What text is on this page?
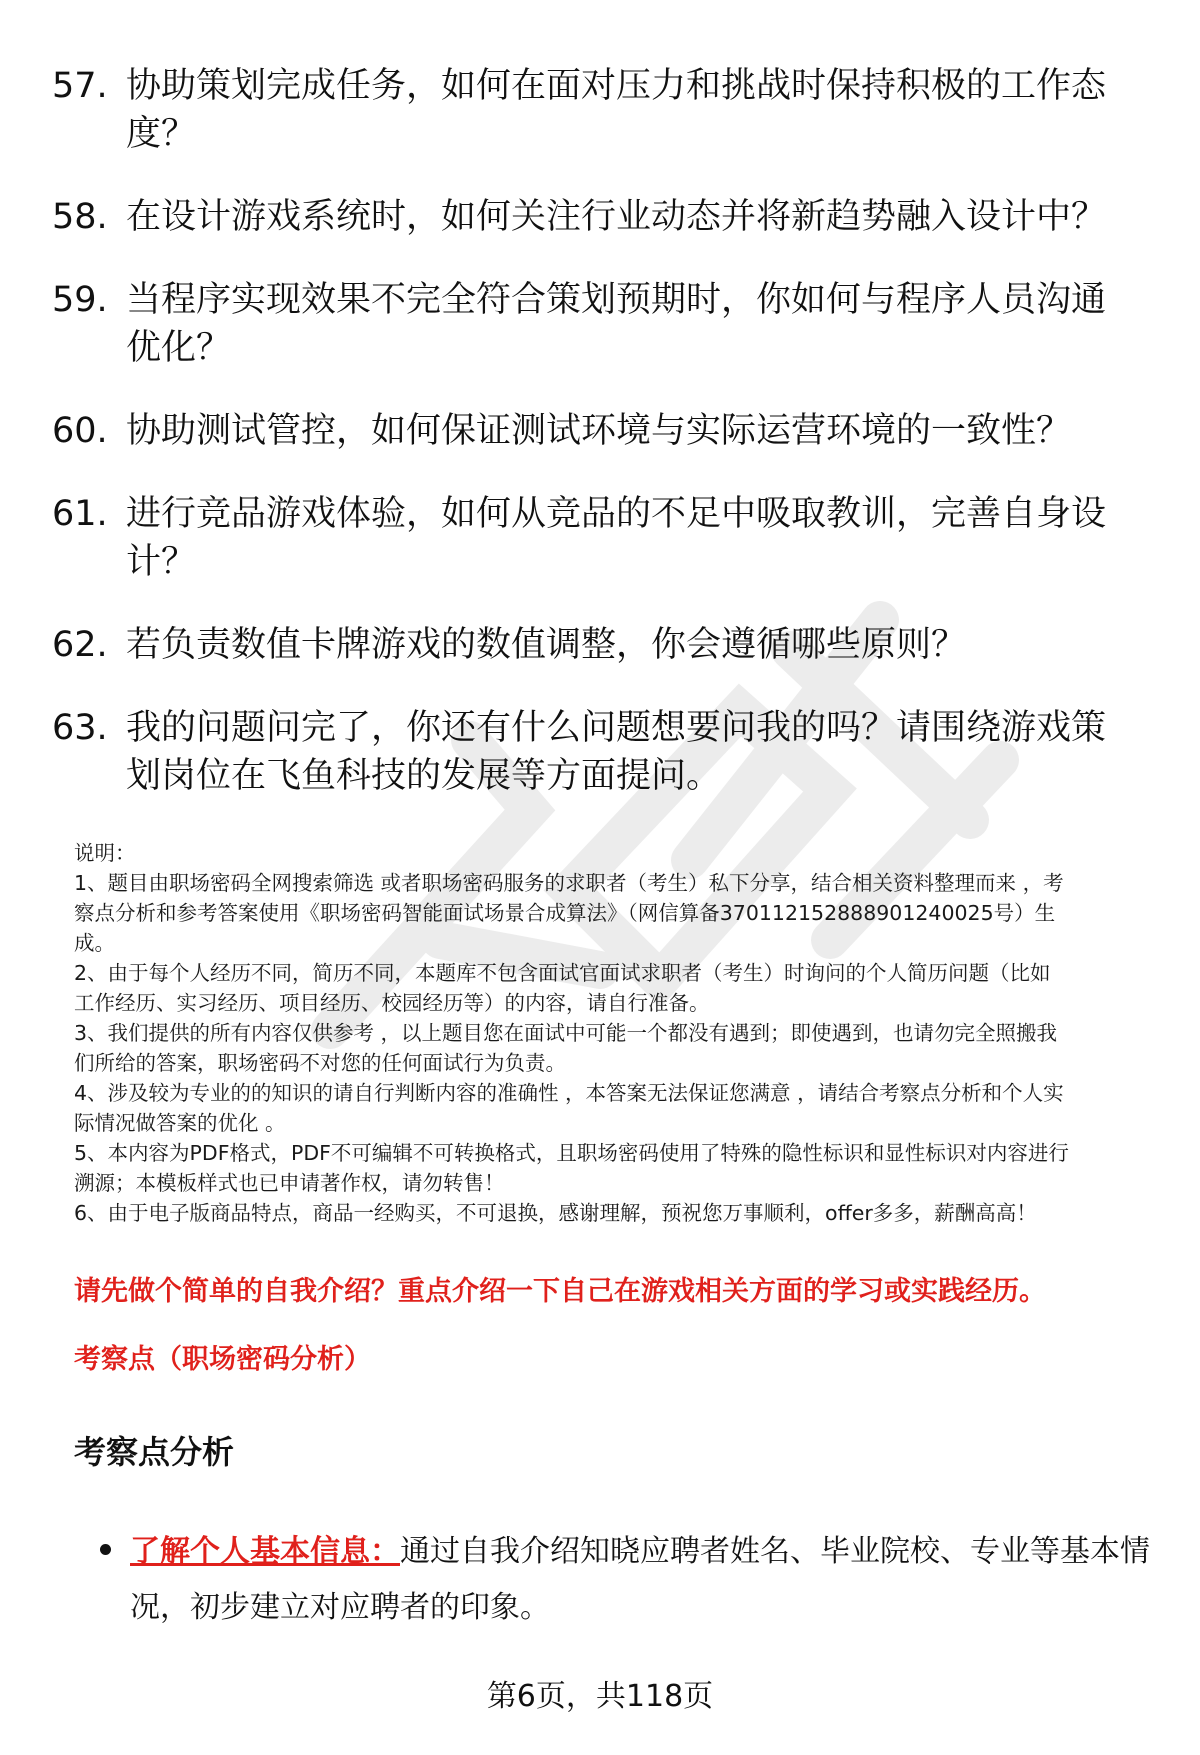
57. 协助策划完成任务，如何在面对压力和挑战时保持积极的工作态
度？
58. 在设计游戏系统时，如何关注行业动态并将新趋势融入设计中？
59. 当程序实现效果不完全符合策划预期时，你如何与程序人员沟通
优化？
60. 协助测试管控，如何保证测试环境与实际运营环境的一致性？
61. 进行竞品游戏体验，如何从竞品的不足中吸取教训，完善自身设
计？
62. 若负责数值卡牌游戏的数值调整，你会遵循哪些原则？
63. 我的问题问完了，你还有什么问题想要问我的吗？请围绕游戏策
划岗位在飞鱼科技的发展等方面提问。

说明：

1、题目由职场密码全网搜索筛选 或者职场密码服务的求职者（考生）私下分享，结合相关资料整理而来 ，考

察点分析和参考答案使用《职场密码智能面试场景合成算法》（网信算备370112152888901240025号）生

成。

2、由于每个人经历不同，简历不同，本题库不包含面试官面试求职者（考生）时询问的个人简历问题（比如

工作经历、实习经历、项目经历、校园经历等）的内容，请自行准备。

3、我们提供的所有内容仅供参考 ，以上题目您在面试中可能一个都没有遇到；即使遇到，也请勿完全照搬我

们所给的答案，职场密码不对您的任何面试行为负责。

4、涉及较为专业的的知识的请自行判断内容的准确性 ，本答案无法保证您满意 ，请结合考察点分析和个人实

际情况做答案的优化 。

5、本内容为PDF格式，PDF不可编辑不可转换格式，且职场密码使用了特殊的隐性标识和显性标识对内容进行

溯源；本模板样式也已申请著作权，请勿转售！

6、由于电子版商品特点，商品一经购买，不可退换，感谢理解，预祝您万事顺利，offer多多，薪酬高高！

请先做个简单的自我介绍？重点介绍一下自己在游戏相关方面的学习或实践经历。
考察点（职场密码分析）
考察点分析
了解个人基本信息：通过自我介绍知晓应聘者姓名、毕业院校、专业等基本情
况，初步建立对应聘者的印象。
第6页，共118页
